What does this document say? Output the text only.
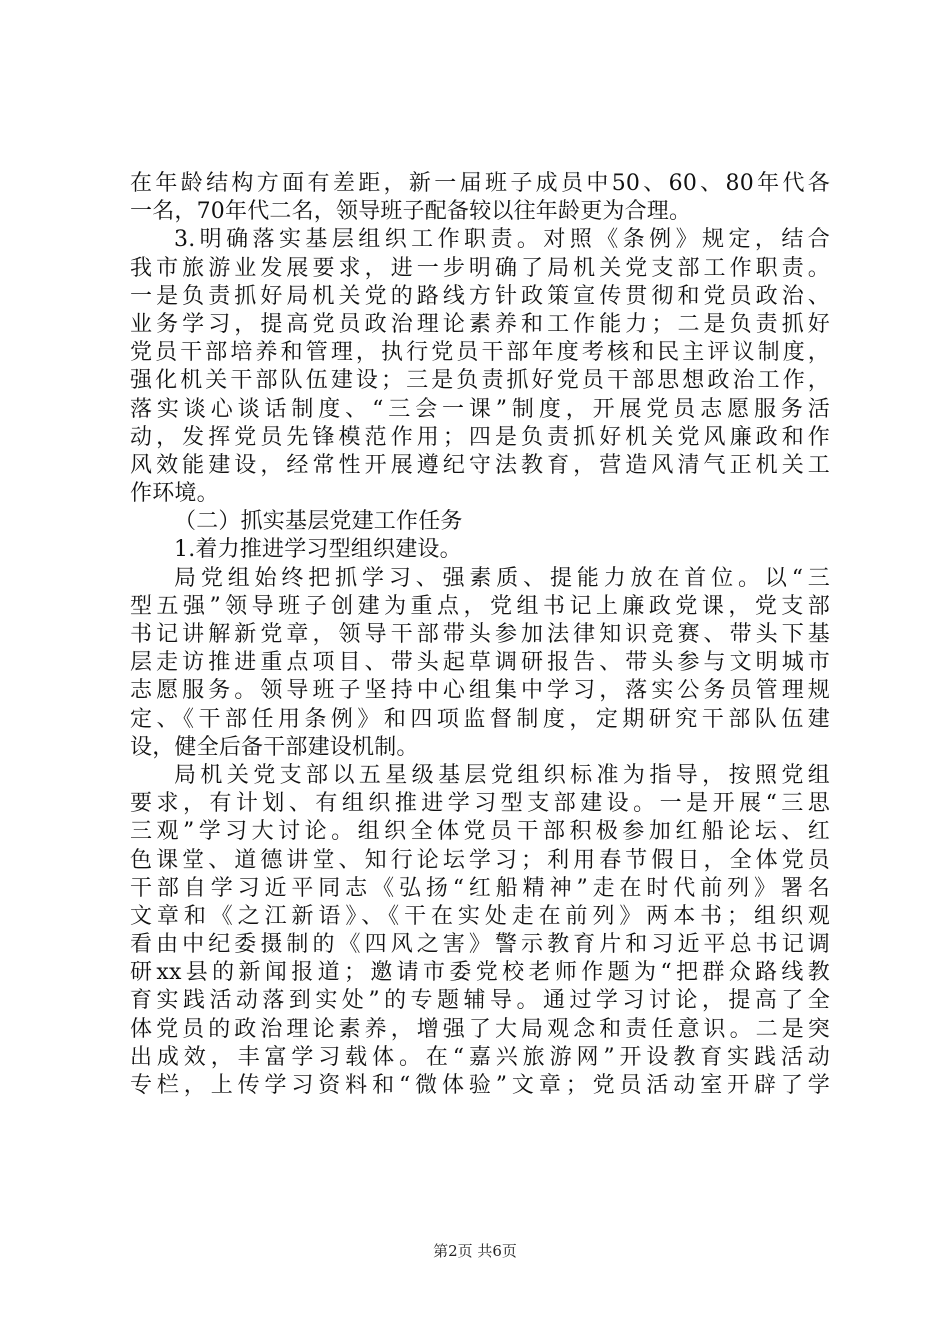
在年龄结构方面有差距，新一届班子成员中50、60、80年代各
一名，70年代二名，领导班子配备较以往年龄更为合理。
3.明确落实基层组织工作职责。对照《条例》规定，结合
我市旅游业发展要求，进一步明确了局机关党支部工作职责。
一是负责抓好局机关党的路线方针政策宣传贯彻和党员政治、
业务学习，提高党员政治理论素养和工作能力；二是负责抓好
党员干部培养和管理，执行党员干部年度考核和民主评议制度，
强化机关干部队伍建设；三是负责抓好党员干部思想政治工作，
落实谈心谈话制度、“三会一课”制度，开展党员志愿服务活
动，发挥党员先锋模范作用；四是负责抓好机关党风廉政和作
风效能建设，经常性开展遵纪守法教育，营造风清气正机关工
作环境。
（二）抓实基层党建工作任务
1.着力推进学习型组织建设。
局党组始终把抓学习、强素质、提能力放在首位。以“三
型五强”领导班子创建为重点，党组书记上廉政党课，党支部
书记讲解新党章，领导干部带头参加法律知识竞赛、带头下基
层走访推进重点项目、带头起草调研报告、带头参与文明城市
志愿服务。领导班子坚持中心组集中学习，落实公务员管理规
定、《干部任用条例》和四项监督制度，定期研究干部队伍建
设，健全后备干部建设机制。
局机关党支部以五星级基层党组织标准为指导，按照党组
要求，有计划、有组织推进学习型支部建设。一是开展“三思
三观”学习大讨论。组织全体党员干部积极参加红船论坛、红
色课堂、道德讲堂、知行论坛学习；利用春节假日，全体党员
干部自学习近平同志《弘扬“红船精神”走在时代前列》署名
文章和《之江新语》、《干在实处走在前列》两本书；组织观
看由中纪委摄制的《四风之害》警示教育片和习近平总书记调
研xx县的新闻报道；邀请市委党校老师作题为“把群众路线教
育实践活动落到实处”的专题辅导。通过学习讨论，提高了全
体党员的政治理论素养，增强了大局观念和责任意识。二是突
出成效，丰富学习载体。在“嘉兴旅游网”开设教育实践活动
专栏，上传学习资料和“微体验”文章；党员活动室开辟了学
第2页 共6页
